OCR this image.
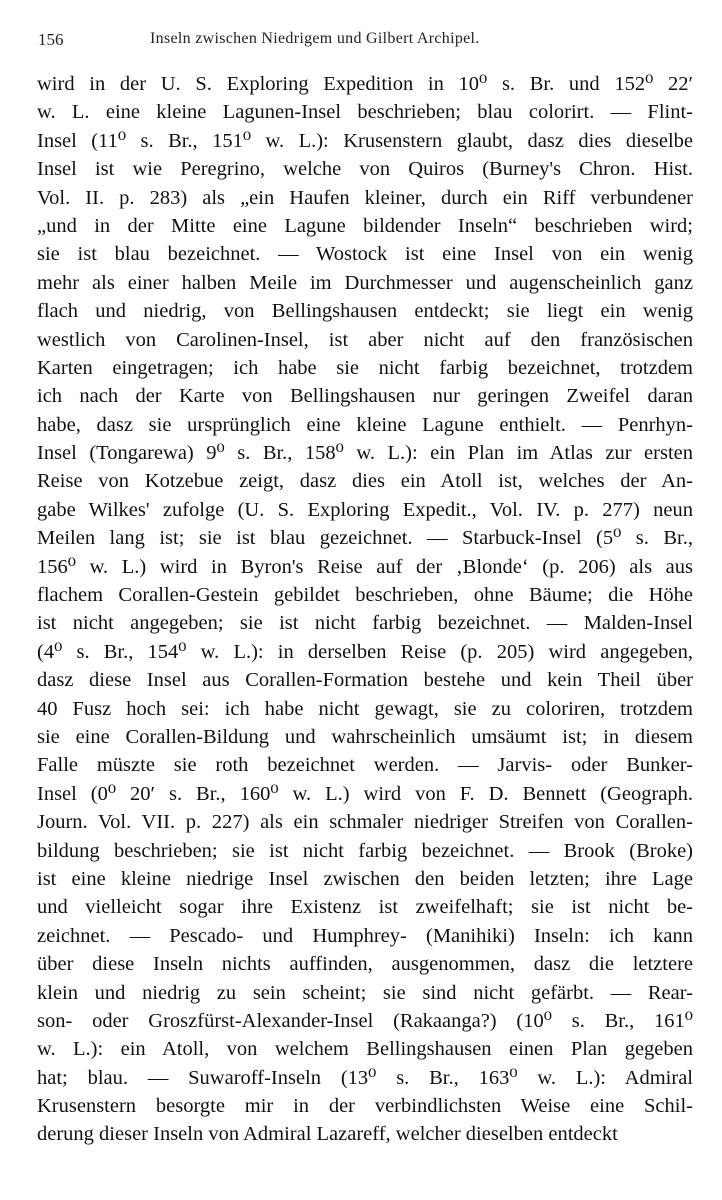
156	Inseln zwischen Niedrigem und Gilbert Archipel.
wird in der U. S. Exploring Expedition in 10⁰ s. Br. und 152⁰ 22′
w. L. eine kleine Lagunen-Insel beschrieben; blau colorirt. — Flint-
Insel (11⁰ s. Br., 151⁰ w. L.): Krusenstern glaubt, dasz dies dieselbe
Insel ist wie Peregrino, welche von Quiros (Burney's Chron. Hist.
Vol. II. p. 283) als „ein Haufen kleiner, durch ein Riff verbundener
„und in der Mitte eine Lagune bildender Inseln“ beschrieben wird;
sie ist blau bezeichnet. — Wostock ist eine Insel von ein wenig
mehr als einer halben Meile im Durchmesser und augenscheinlich ganz
flach und niedrig, von Bellingshausen entdeckt; sie liegt ein wenig
westlich von Carolinen-Insel, ist aber nicht auf den französischen
Karten eingetragen; ich habe sie nicht farbig bezeichnet, trotzdem
ich nach der Karte von Bellingshausen nur geringen Zweifel daran
habe, dasz sie ursprünglich eine kleine Lagune enthielt. — Penrhyn-
Insel (Tongarewa) 9⁰ s. Br., 158⁰ w. L.): ein Plan im Atlas zur ersten
Reise von Kotzebue zeigt, dasz dies ein Atoll ist, welches der An-
gabe Wilkes' zufolge (U. S. Exploring Expedit., Vol. IV. p. 277) neun
Meilen lang ist; sie ist blau gezeichnet. — Starbuck-Insel (5⁰ s. Br.,
156⁰ w. L.) wird in Byron's Reise auf der ‚Blonde‘ (p. 206) als aus
flachem Corallen-Gestein gebildet beschrieben, ohne Bäume; die Höhe
ist nicht angegeben; sie ist nicht farbig bezeichnet. — Malden-Insel
(4⁰ s. Br., 154⁰ w. L.): in derselben Reise (p. 205) wird angegeben,
dasz diese Insel aus Corallen-Formation bestehe und kein Theil über
40 Fusz hoch sei: ich habe nicht gewagt, sie zu coloriren, trotzdem
sie eine Corallen-Bildung und wahrscheinlich umsäumt ist; in diesem
Falle müszte sie roth bezeichnet werden. — Jarvis- oder Bunker-
Insel (0⁰ 20′ s. Br., 160⁰ w. L.) wird von F. D. Bennett (Geograph.
Journ. Vol. VII. p. 227) als ein schmaler niedriger Streifen von Corallen-
bildung beschrieben; sie ist nicht farbig bezeichnet. — Brook (Broke)
ist eine kleine niedrige Insel zwischen den beiden letzten; ihre Lage
und vielleicht sogar ihre Existenz ist zweifelhaft; sie ist nicht be-
zeichnet. — Pescado- und Humphrey- (Manihiki) Inseln: ich kann
über diese Inseln nichts auffinden, ausgenommen, dasz die letztere
klein und niedrig zu sein scheint; sie sind nicht gefärbt. — Rear-
son- oder Groszfürst-Alexander-Insel (Rakaanga?) (10⁰ s. Br., 161⁰
w. L.): ein Atoll, von welchem Bellingshausen einen Plan gegeben
hat; blau. — Suwaroff-Inseln (13⁰ s. Br., 163⁰ w. L.): Admiral
Krusenstern besorgte mir in der verbindlichsten Weise eine Schil-
derung dieser Inseln von Admiral Lazareff, welcher dieselben entdeckt
